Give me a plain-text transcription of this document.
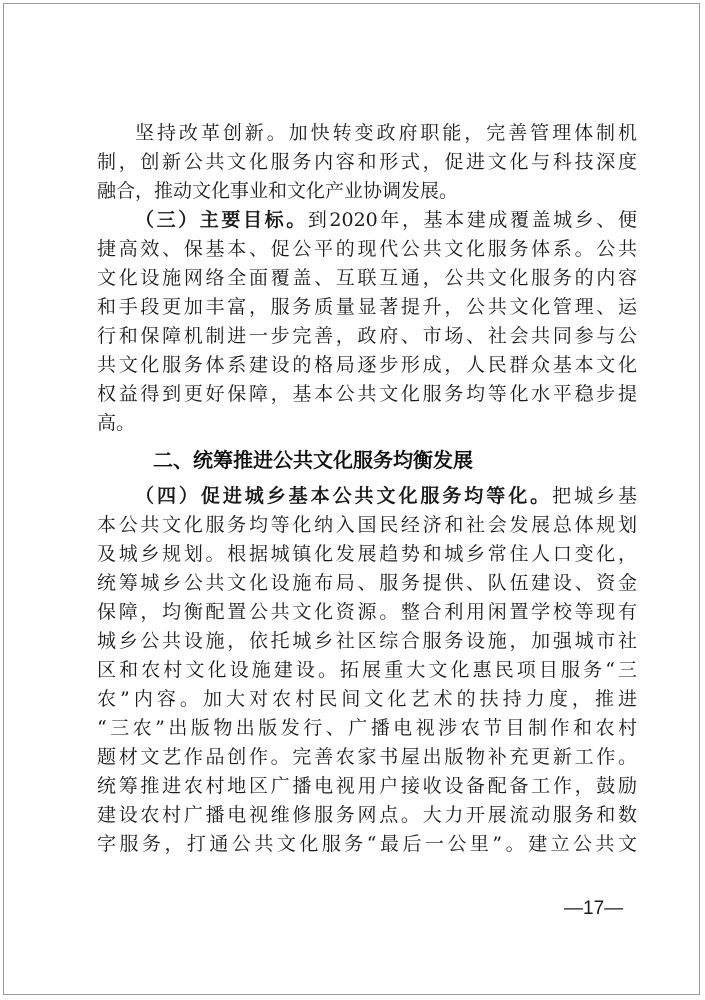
坚持改革创新。加快转变政府职能，完善管理体制机
制，创新公共文化服务内容和形式，促进文化与科技深度
融合，推动文化事业和文化产业协调发展。
（三）主要目标。到2020年，基本建成覆盖城乡、便
捷高效、保基本、促公平的现代公共文化服务体系。公共
文化设施网络全面覆盖、互联互通，公共文化服务的内容
和手段更加丰富，服务质量显著提升，公共文化管理、运
行和保障机制进一步完善，政府、市场、社会共同参与公
共文化服务体系建设的格局逐步形成，人民群众基本文化
权益得到更好保障，基本公共文化服务均等化水平稳步提
高。
二、统筹推进公共文化服务均衡发展
（四）促进城乡基本公共文化服务均等化。把城乡基
本公共文化服务均等化纳入国民经济和社会发展总体规划
及城乡规划。根据城镇化发展趋势和城乡常住人口变化，
统筹城乡公共文化设施布局、服务提供、队伍建设、资金
保障，均衡配置公共文化资源。整合利用闲置学校等现有
城乡公共设施，依托城乡社区综合服务设施，加强城市社
区和农村文化设施建设。拓展重大文化惠民项目服务“三
农”内容。加大对农村民间文化艺术的扶持力度，推进
“三农”出版物出版发行、广播电视涉农节目制作和农村
题材文艺作品创作。完善农家书屋出版物补充更新工作。
统筹推进农村地区广播电视用户接收设备配备工作，鼓励
建设农村广播电视维修服务网点。大力开展流动服务和数
字服务，打通公共文化服务“最后一公里”。建立公共文
—17—
